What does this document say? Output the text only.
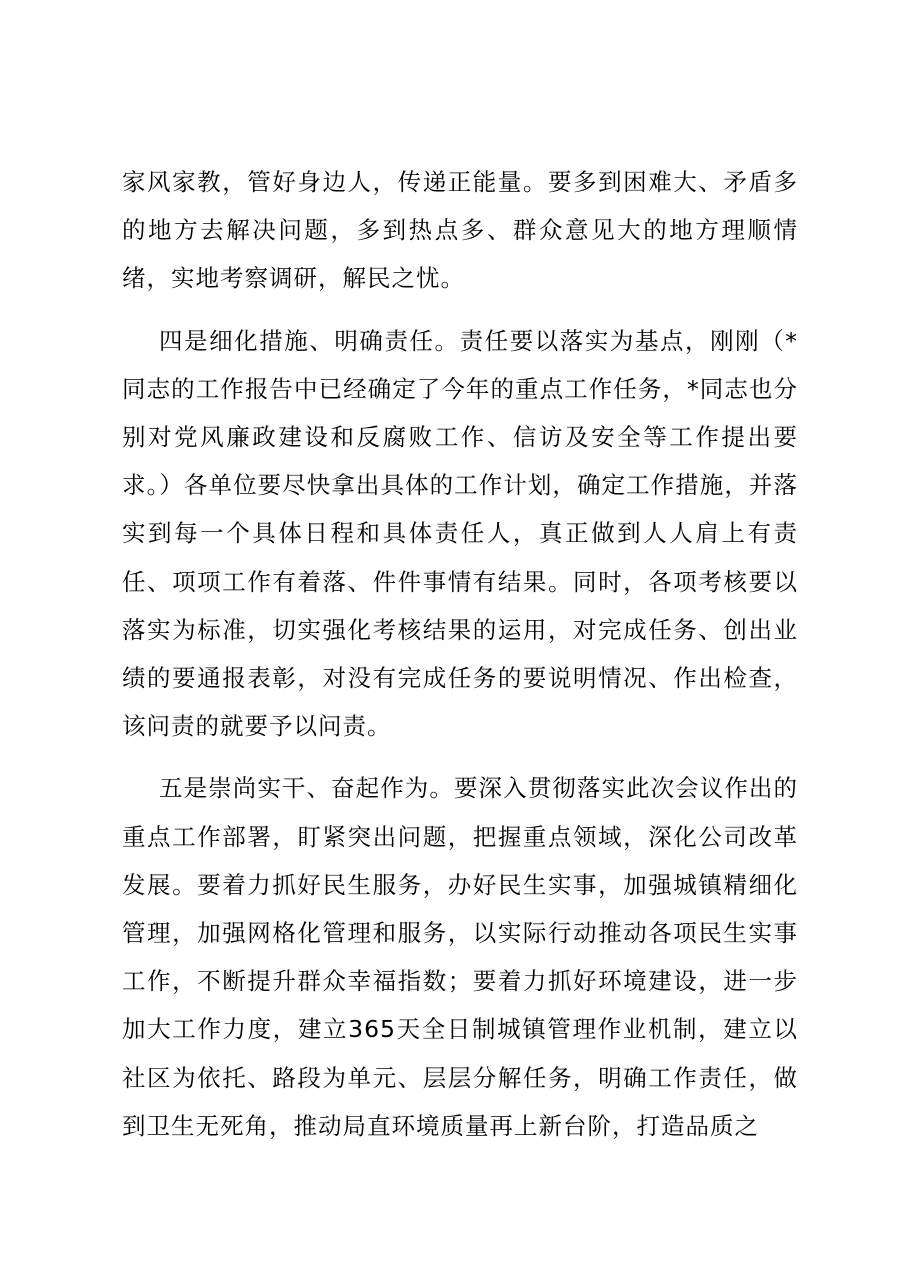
家风家教，管好身边人，传递正能量。要多到困难大、矛盾多的地方去解决问题，多到热点多、群众意见大的地方理顺情绪，实地考察调研，解民之忧。

四是细化措施、明确责任。责任要以落实为基点，刚刚（*同志的工作报告中已经确定了今年的重点工作任务，*同志也分别对党风廉政建设和反腐败工作、信访及安全等工作提出要求。）各单位要尽快拿出具体的工作计划，确定工作措施，并落实到每一个具体日程和具体责任人，真正做到人人肩上有责任、项项工作有着落、件件事情有结果。同时，各项考核要以落实为标准，切实强化考核结果的运用，对完成任务、创出业绩的要通报表彰，对没有完成任务的要说明情况、作出检查，该问责的就要予以问责。

五是崇尚实干、奋起作为。要深入贯彻落实此次会议作出的重点工作部署，盯紧突出问题，把握重点领域，深化公司改革发展。要着力抓好民生服务，办好民生实事，加强城镇精细化管理，加强网格化管理和服务，以实际行动推动各项民生实事工作，不断提升群众幸福指数；要着力抓好环境建设，进一步加大工作力度，建立365天全日制城镇管理作业机制，建立以社区为依托、路段为单元、层层分解任务，明确工作责任，做到卫生无死角，推动局直环境质量再上新台阶，打造品质之
